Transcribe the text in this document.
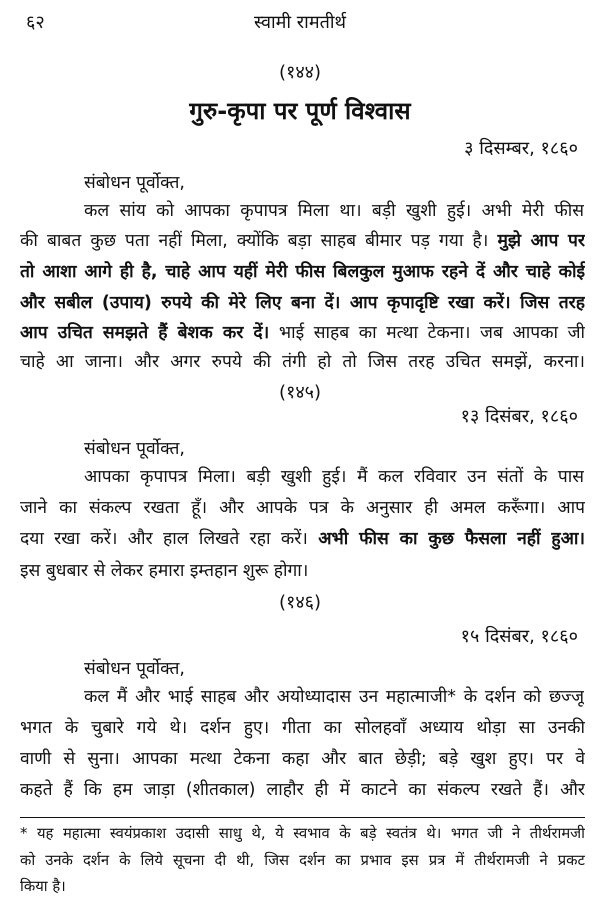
६२	स्वामी रामतीर्थ
(१४४)
गुरु-कृपा पर पूर्ण विश्वास
३ दिसम्बर, १८६०
संबोधन पूर्वोक्त,
कल सांय को आपका कृपापत्र मिला था। बड़ी खुशी हुई। अभी मेरी फीस
की बाबत कुछ पता नहीं मिला, क्योंकि बड़ा साहब बीमार पड़ गया है। मुझे आप पर
तो आशा आगे ही है, चाहे आप यहीं मेरी फीस बिलकुल मुआफ रहने दें और चाहे कोई
और सबील (उपाय) रुपये की मेरे लिए बना दें। आप कृपादृष्टि रखा करें। जिस तरह
आप उचित समझते हैं बेशक कर दें। भाई साहब का मत्था टेकना। जब आपका जी
चाहे आ जाना। और अगर रुपये की तंगी हो तो जिस तरह उचित समझें, करना।
(१४५)
१३ दिसंबर, १८६०
संबोधन पूर्वोक्त,
आपका कृपापत्र मिला। बड़ी खुशी हुई। मैं कल रविवार उन संतों के पास
जाने का संकल्प रखता हूँ। और आपके पत्र के अनुसार ही अमल करूँगा। आप
दया रखा करें। और हाल लिखते रहा करें। अभी फीस का कुछ फैसला नहीं हुआ।
इस बुधबार से लेकर हमारा इम्तहान शुरू होगा।
(१४६)
१५ दिसंबर, १८६०
संबोधन पूर्वोक्त,
कल मैं और भाई साहब और अयोध्यादास उन महात्माजी* के दर्शन को छज्जू
भगत के चुबारे गये थे। दर्शन हुए। गीता का सोलहवाँ अध्याय थोड़ा सा उनकी
वाणी से सुना। आपका मत्था टेकना कहा और बात छेड़ी; बड़े खुश हुए। पर वे
कहते हैं कि हम जाड़ा (शीतकाल) लाहौर ही में काटने का संकल्प रखते हैं। और
* यह महात्मा स्वयंप्रकाश उदासी साधु थे, ये स्वभाव के बड़े स्वतंत्र थे। भगत जी ने तीर्थरामजी
को उनके दर्शन के लिये सूचना दी थी, जिस दर्शन का प्रभाव इस प्रत्र में तीर्थरामजी ने प्रकट
किया है।
